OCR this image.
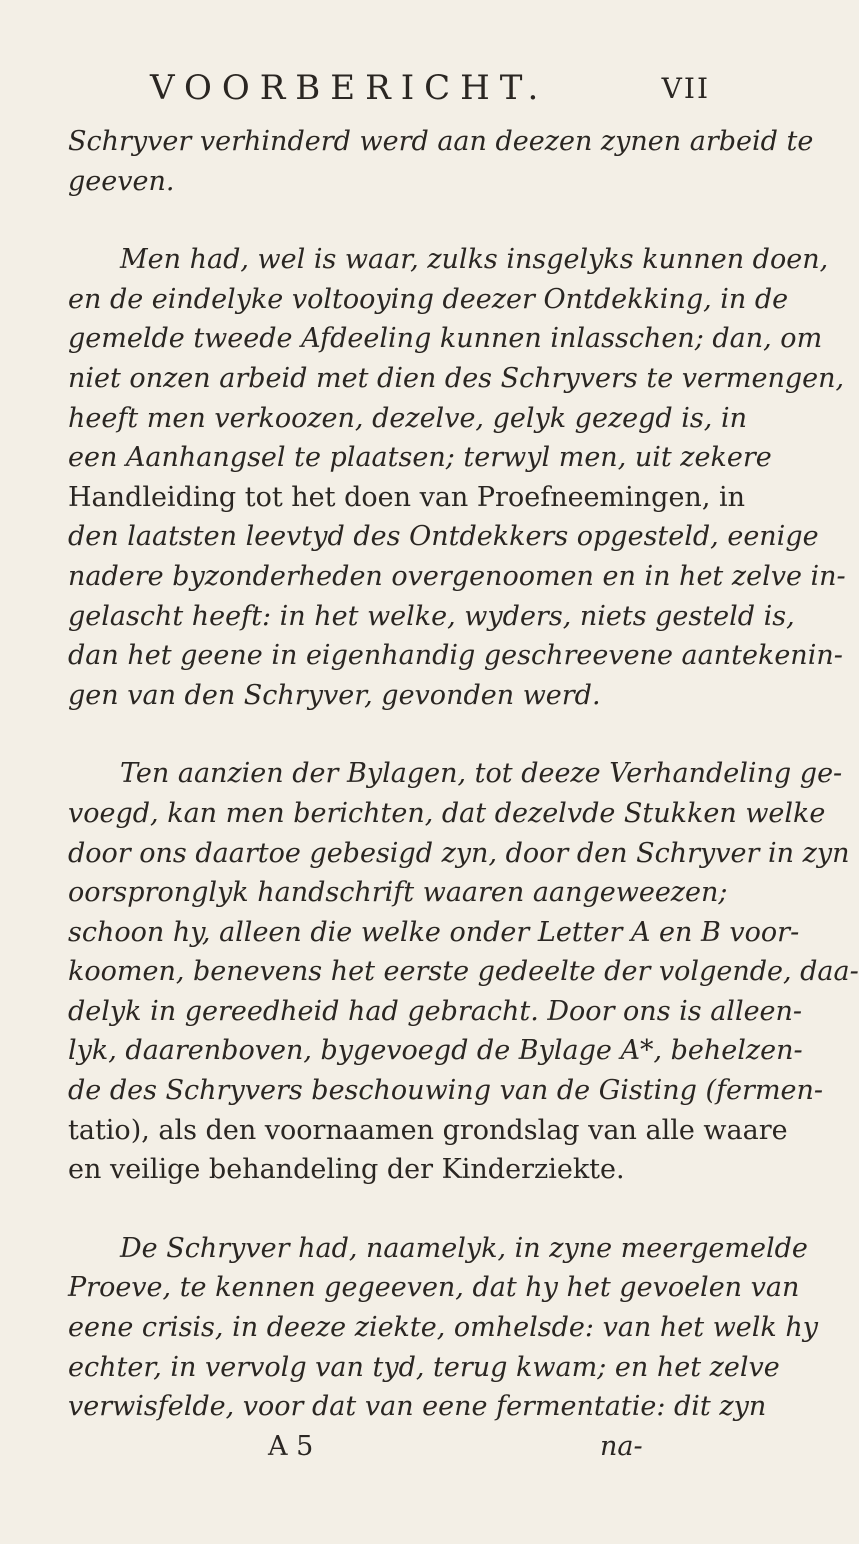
VOORBERICHT.	VII
Schryver verhinderd werd aan deezen zynen arbeid te
geeven.
Men had, wel is waar, zulks insgelyks kunnen doen,
en de eindelyke voltooying deezer Ontdekking, in de
gemelde tweede Afdeeling kunnen inlasschen; dan, om
niet onzen arbeid met dien des Schryvers te vermengen,
heeft men verkoozen, dezelve, gelyk gezegd is, in
een Aanhangsel te plaatsen; terwyl men, uit zekere
Handleiding tot het doen van Proefneemingen, in
den laatsten leevtyd des Ontdekkers opgesteld, eenige
nadere byzonderheden overgenoomen en in het zelve in-
gelascht heeft: in het welke, wyders, niets gesteld is,
dan het geene in eigenhandig geschreevene aantekenin-
gen van den Schryver, gevonden werd.
Ten aanzien der Bylagen, tot deeze Verhandeling ge-
voegd, kan men berichten, dat dezelvde Stukken welke
door ons daartoe gebesigd zyn, door den Schryver in zyn
oorspronglyk handschrift waaren aangeweezen;
schoon hy, alleen die welke onder Letter A en B voor-
koomen, benevens het eerste gedeelte der volgende, daa-
delyk in gereedheid had gebracht. Door ons is alleen-
lyk, daarenboven, bygevoegd de Bylage A*, behelzen-
de des Schryvers beschouwing van de Gisting (fermen-
tatio), als den voornaamen grondslag van alle waare
en veilige behandeling der Kinderziekte.
De Schryver had, naamelyk, in zyne meergemelde
Proeve, te kennen gegeeven, dat hy het gevoelen van
eene crisis, in deeze ziekte, omhelsde: van het welk hy
echter, in vervolg van tyd, terug kwam; en het zelve
verwisfelde, voor dat van eene fermentatie: dit zyn
A 5	na-
